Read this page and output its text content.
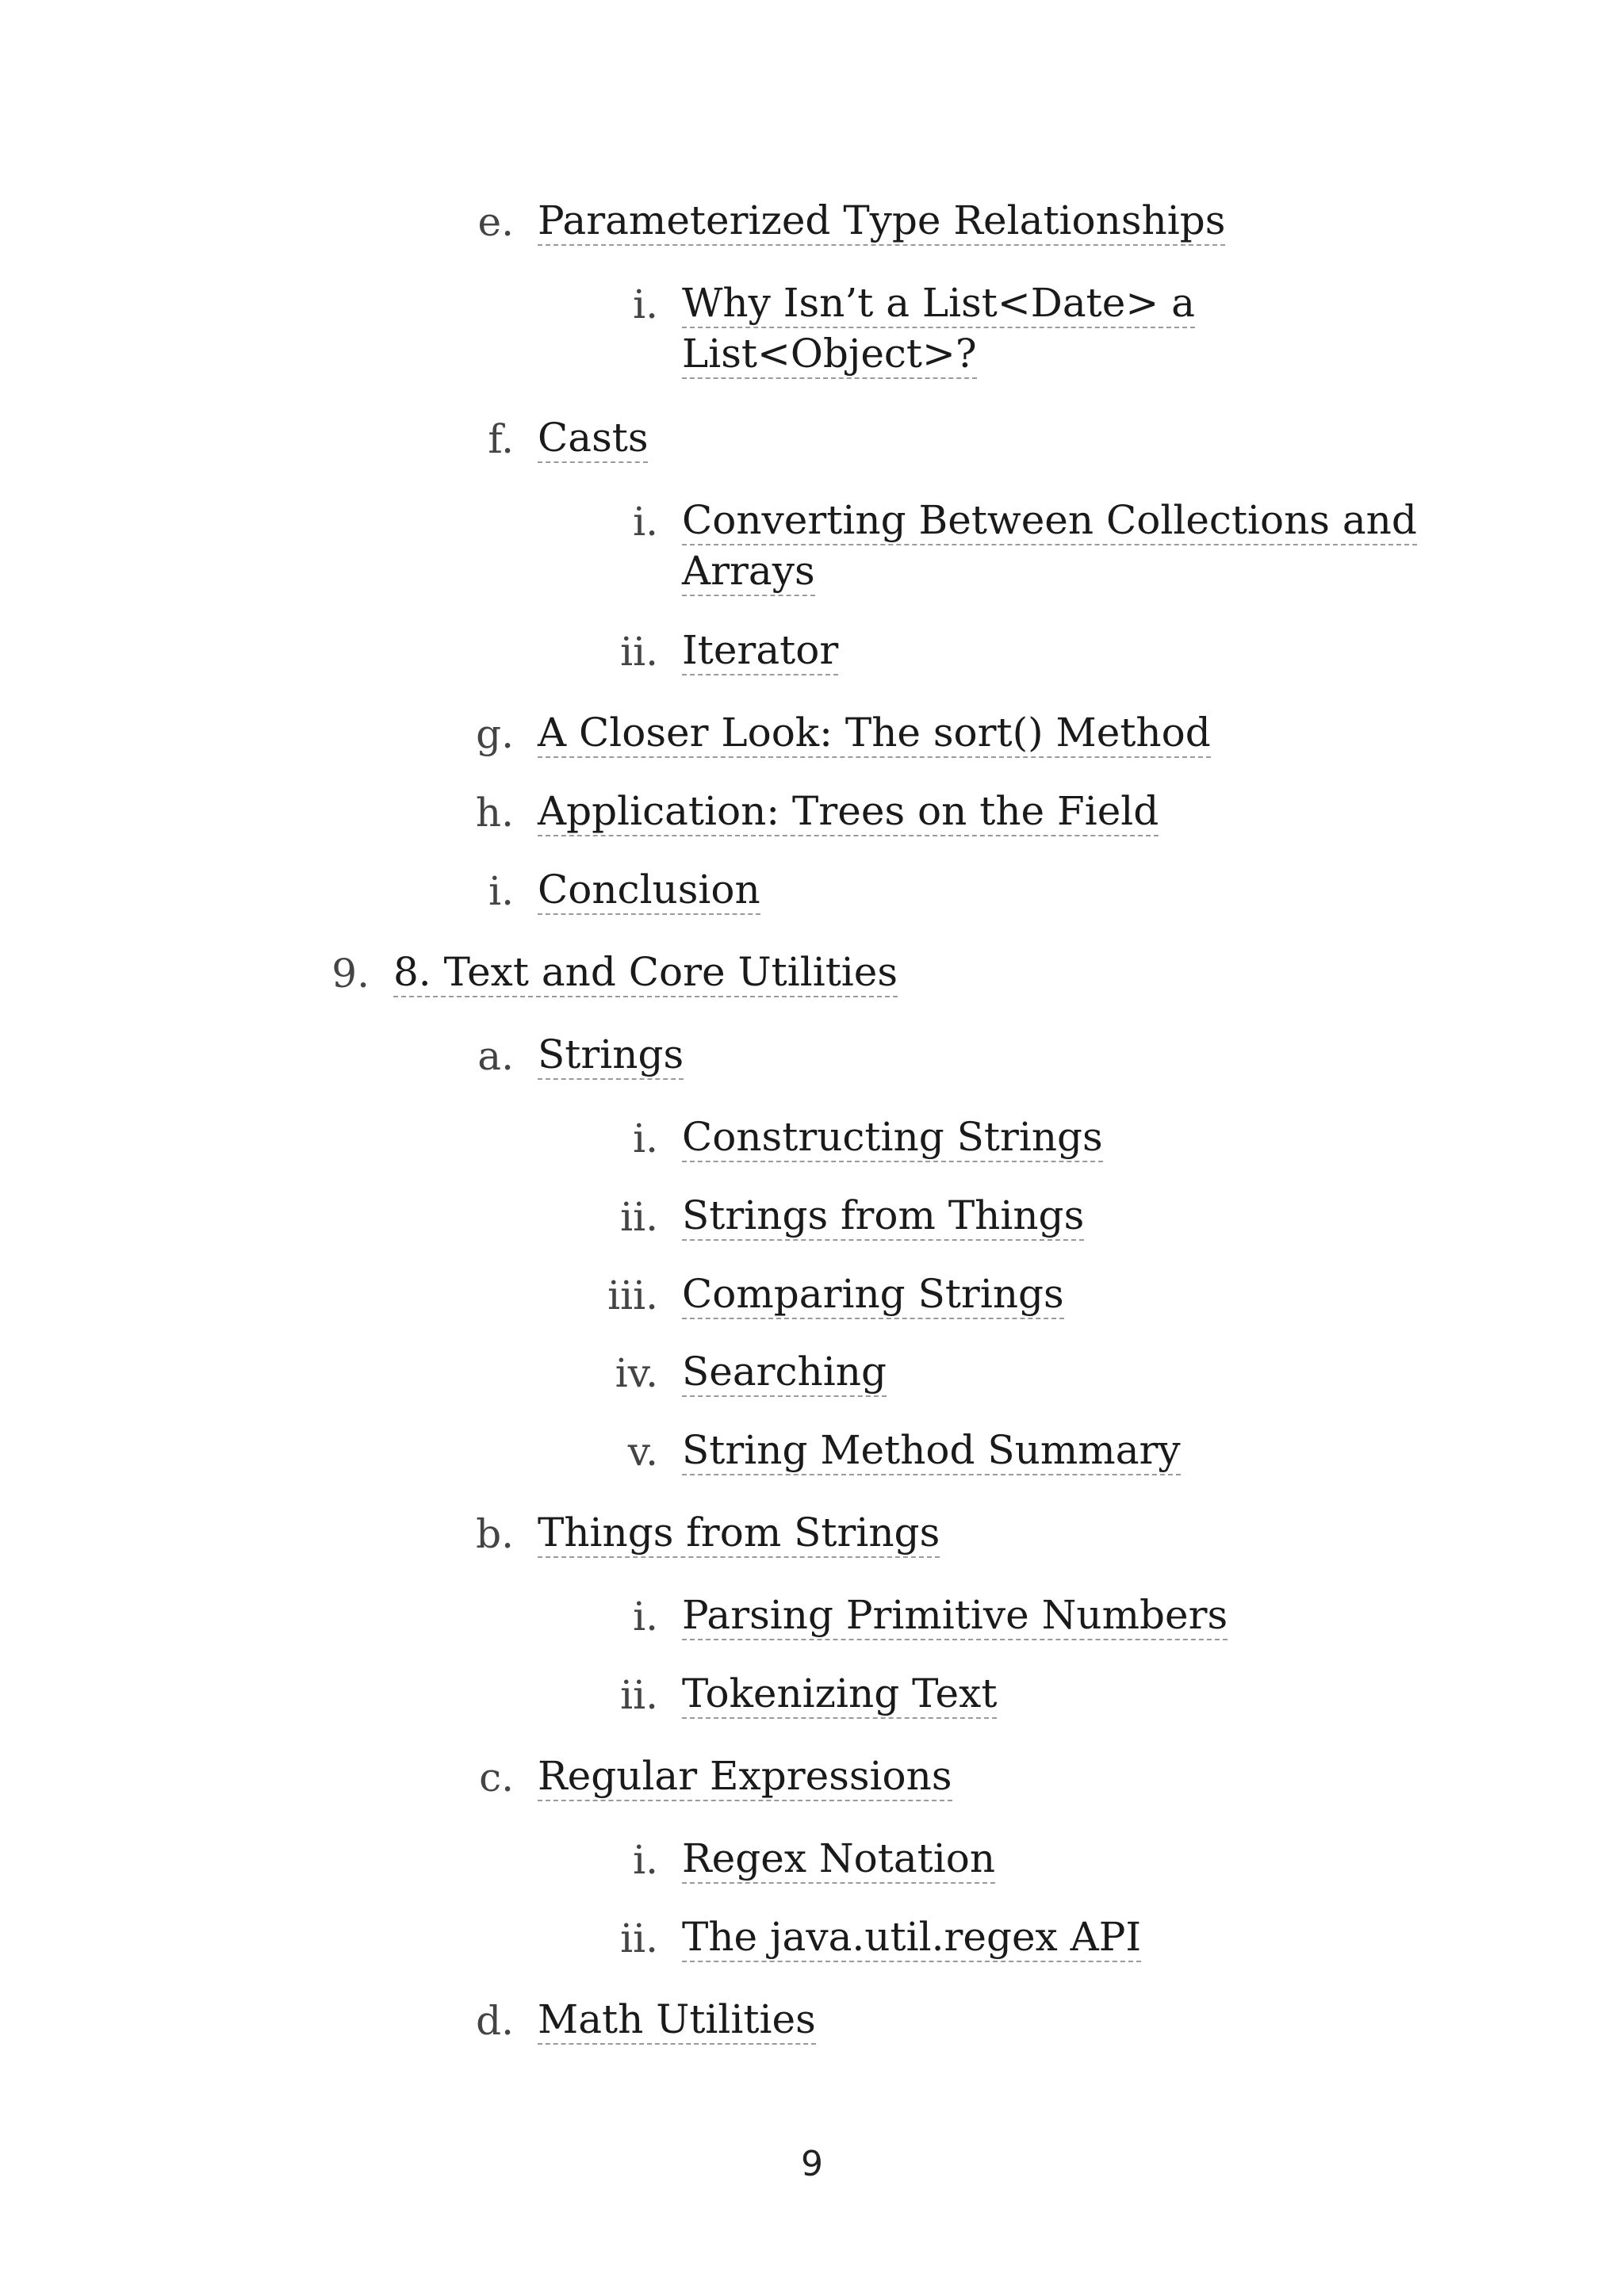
e. Parameterized Type Relationships
i. Why Isn’t a List<Date> a
List<Object>?
f. Casts
i. Converting Between Collections and
Arrays
ii. Iterator
g. A Closer Look: The sort() Method
h. Application: Trees on the Field
i. Conclusion
9. 8. Text and Core Utilities
a. Strings
i. Constructing Strings
ii. Strings from Things
iii. Comparing Strings
iv. Searching
v. String Method Summary
b. Things from Strings
i. Parsing Primitive Numbers
ii. Tokenizing Text
c. Regular Expressions
i. Regex Notation
ii. The java.util.regex API
d. Math Utilities
9
